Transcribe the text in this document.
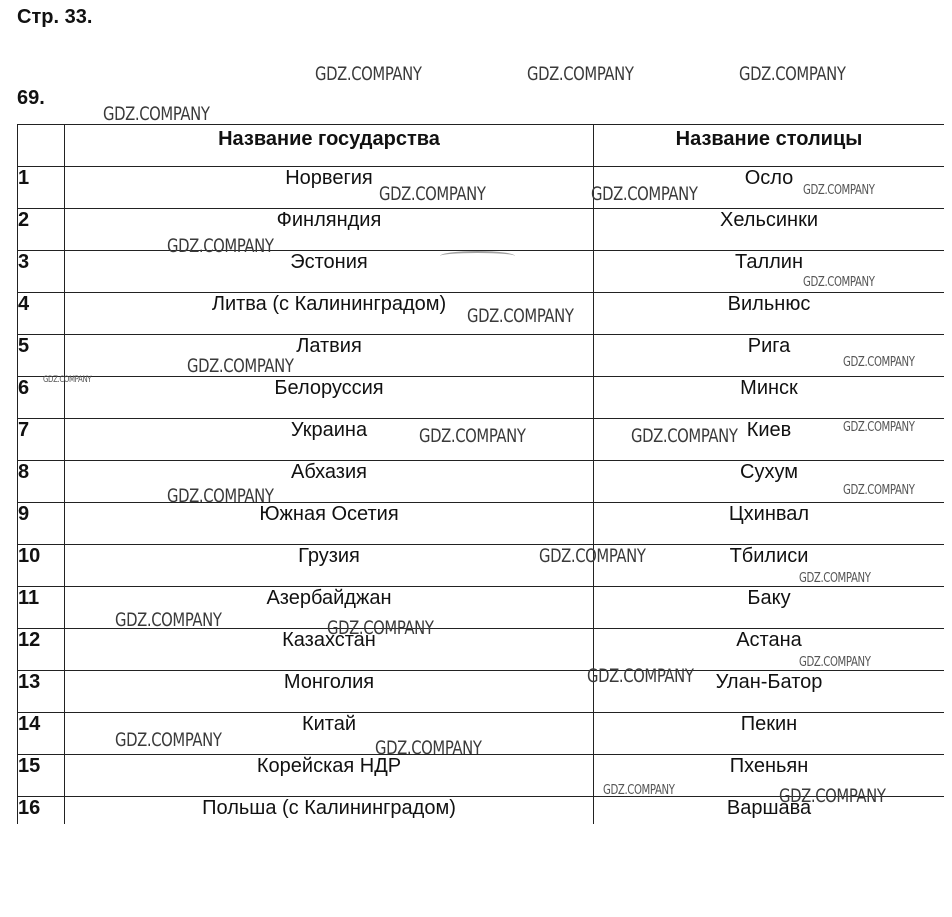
Стр. 33.
69.
	Название государства	Название столицы
1	Норвегия	Осло
2	Финляндия	Хельсинки
3	Эстония	Таллин
4	Литва (с Калининградом)	Вильнюс
5	Латвия	Рига
6	Белоруссия	Минск
7	Украина	Киев
8	Абхазия	Сухум
9	Южная Осетия	Цхинвал
10	Грузия	Тбилиси
11	Азербайджан	Баку
12	Казахстан	Астана
13	Монголия	Улан-Батор
14	Китай	Пекин
15	Корейская НДР	Пхеньян
16	Польша (с Калининградом)	Варшава
GDZ.COMPANY	GDZ.COMPANY	GDZ.COMPANY
GDZ.COMPANY
GDZ.COMPANY	GDZ.COMPANY	GDZ.COMPANY
GDZ.COMPANY
GDZ.COMPANY
GDZ.COMPANY
GDZ.COMPANY	GDZ.COMPANY
GDZ.COMPANY
GDZ.COMPANY	GDZ.COMPANY	GDZ.COMPANY
GDZ.COMPANY	GDZ.COMPANY
GDZ.COMPANY
GDZ.COMPANY
GDZ.COMPANY	GDZ.COMPANY
GDZ.COMPANY
GDZ.COMPANY
GDZ.COMPANY	GDZ.COMPANY
GDZ.COMPANY	GDZ.COMPANY
